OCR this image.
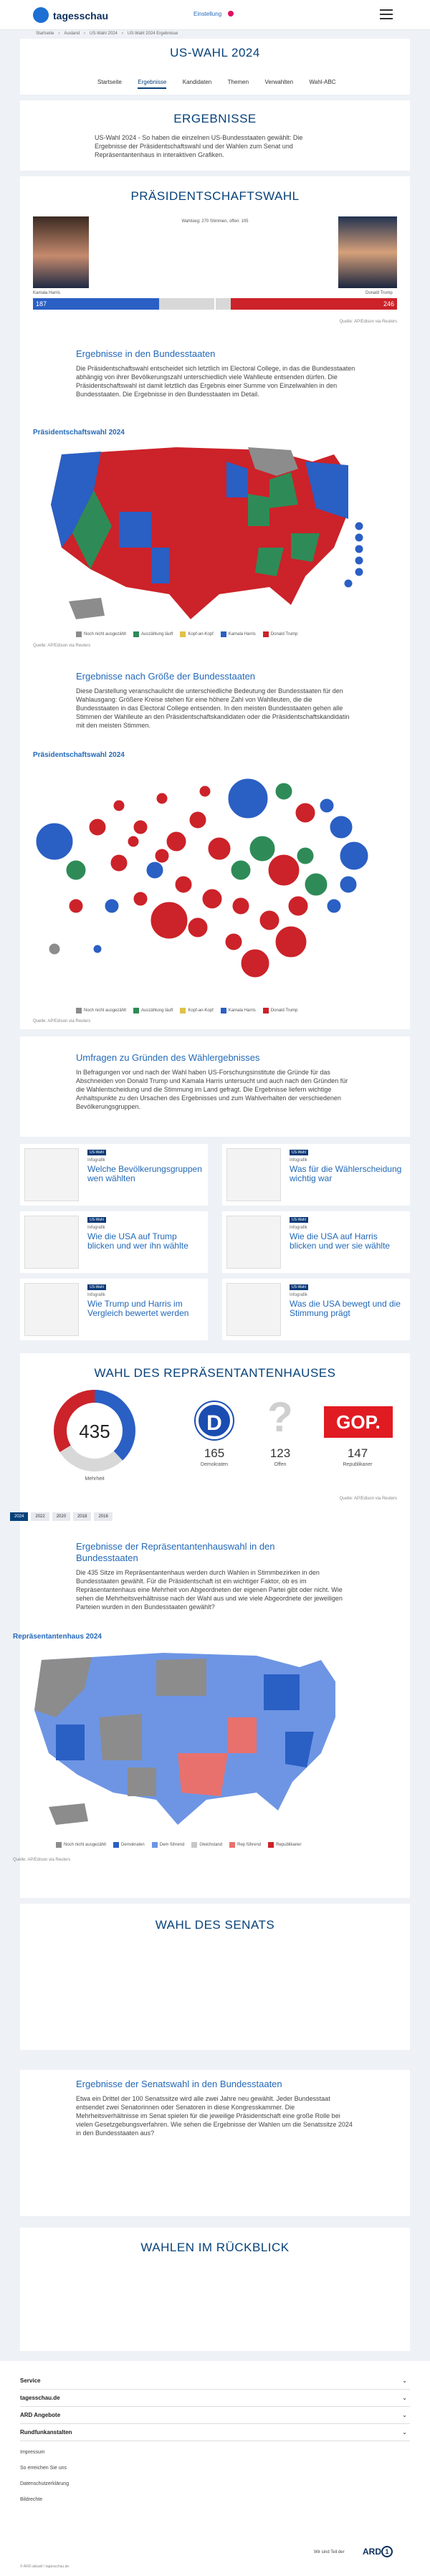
tagesschau	Einstellung
Startseite › Ausland › US-Wahl 2024 › US-Wahl 2024 Ergebnisse
US-WAHL 2024
Startseite	Ergebnisse	Kandidaten	Themen	Verwahlten	Wahl-ABC
ERGEBNISSE
US-Wahl 2024 - So haben die einzelnen US-Bundesstaaten gewählt: Die Ergebnisse der Präsidentschaftswahl und der Wahlen zum Senat und Repräsentantenhaus in interaktiven Grafiken.
PRÄSIDENTSCHAFTSWAHL
Wahlsieg: 270 Stimmen, offen: 105
Kamala Harris	Donald Trump
187	246
Quelle: AP/Edison via Reuters
Ergebnisse in den Bundesstaaten
Die Präsidentschaftswahl entscheidet sich letztlich im Electoral College, in das die Bundesstaaten abhängig von ihrer Bevölkerungszahl unterschiedlich viele Wahlleute entsenden dürfen. Die Präsidentschaftswahl ist damit letztlich das Ergebnis einer Summe von Einzelwahlen in den Bundesstaaten. Die Ergebnisse in den Bundesstaaten im Detail.
Präsidentschaftswahl 2024
Noch nicht ausgezählt	Auszählung läuft	Kopf-an-Kopf	Kamala Harris	Donald Trump
Quelle: AP/Edison via Reuters
Ergebnisse nach Größe der Bundesstaaten
Diese Darstellung veranschaulicht die unterschiedliche Bedeutung der Bundesstaaten für den Wahlausgang: Größere Kreise stehen für eine höhere Zahl von Wahlleuten, die die Bundesstaaten in das Electoral College entsenden. In den meisten Bundesstaaten gehen alle Stimmen der Wahlleute an den Präsidentschaftskandidaten oder die Präsidentschaftskandidatin mit den meisten Stimmen.
Präsidentschaftswahl 2024
Noch nicht ausgezählt	Auszählung läuft	Kopf-an-Kopf	Kamala Harris	Donald Trump
Quelle: AP/Edison via Reuters
Umfragen zu Gründen des Wählergebnisses
In Befragungen vor und nach der Wahl haben US-Forschungsinstitute die Gründe für das Abschneiden von Donald Trump und Kamala Harris untersucht und auch nach den Gründen für die Wahlentscheidung und die Stimmung im Land gefragt. Die Ergebnisse liefern wichtige Anhaltspunkte zu den Ursachen des Ergebnisses und zum Wahlverhalten der verschiedenen Bevölkerungsgruppen.
US-Wahl
Infografik
Welche Bevölkerungsgruppen wen wählten
US-Wahl
Infografik
Was für die Wählerscheidung wichtig war
US-Wahl
Infografik
Wie die USA auf Trump blicken und wer ihn wählte
US-Wahl
Infografik
Wie die USA auf Harris blicken und wer sie wählte
US-Wahl
Infografik
Wie Trump und Harris im Vergleich bewertet werden
US-Wahl
Infografik
Was die USA bewegt und die Stimmung prägt
WAHL DES REPRÄSENTANTENHAUSES
435
Mehrheit
D
165
Demokraten
?
123
Offen
GOP.
147
Republikaner
Quelle: AP/Edison via Reuters
2024	2022	2020	2018	2016
Ergebnisse der Repräsentantenhauswahl in den Bundesstaaten
Die 435 Sitze im Repräsentantenhaus werden durch Wahlen in Stimmbezirken in den Bundesstaaten gewählt. Für die Präsidentschaft ist ein wichtiger Faktor, ob es im Repräsentantenhaus eine Mehrheit von Abgeordneten der eigenen Partei gibt oder nicht. Wie sehen die Mehrheitsverhältnisse nach der Wahl aus und wie viele Abgeordnete der jeweiligen Parteien wurden in den Bundesstaaten gewählt?
Repräsentantenhaus 2024
Noch nicht ausgezählt	Demokraten	Dem führend	Gleichstand	Rep führend	Republikaner
Quelle: AP/Edison via Reuters
WAHL DES SENATS
Ergebnisse der Senatswahl in den Bundesstaaten
Etwa ein Drittel der 100 Senatssitze wird alle zwei Jahre neu gewählt. Jeder Bundesstaat entsendet zwei Senatorinnen oder Senatoren in diese Kongresskammer. Die Mehrheitsverhältnisse im Senat spielen für die jeweilige Präsidentschaft eine große Rolle bei vielen Gesetzgebungsverfahren. Wie sehen die Ergebnisse der Wahlen um die Senatssitze 2024 in den Bundesstaaten aus?
WAHLEN IM RÜCKBLICK
Service	⌄
tagesschau.de	⌄
ARD Angebote	⌄
Rundfunkanstalten	⌄
Impressum
So erreichen Sie uns
Datenschutzerklärung
Bildrechte
Wir sind Teil der ARD 1
© ARD-aktuell / tagesschau.de
